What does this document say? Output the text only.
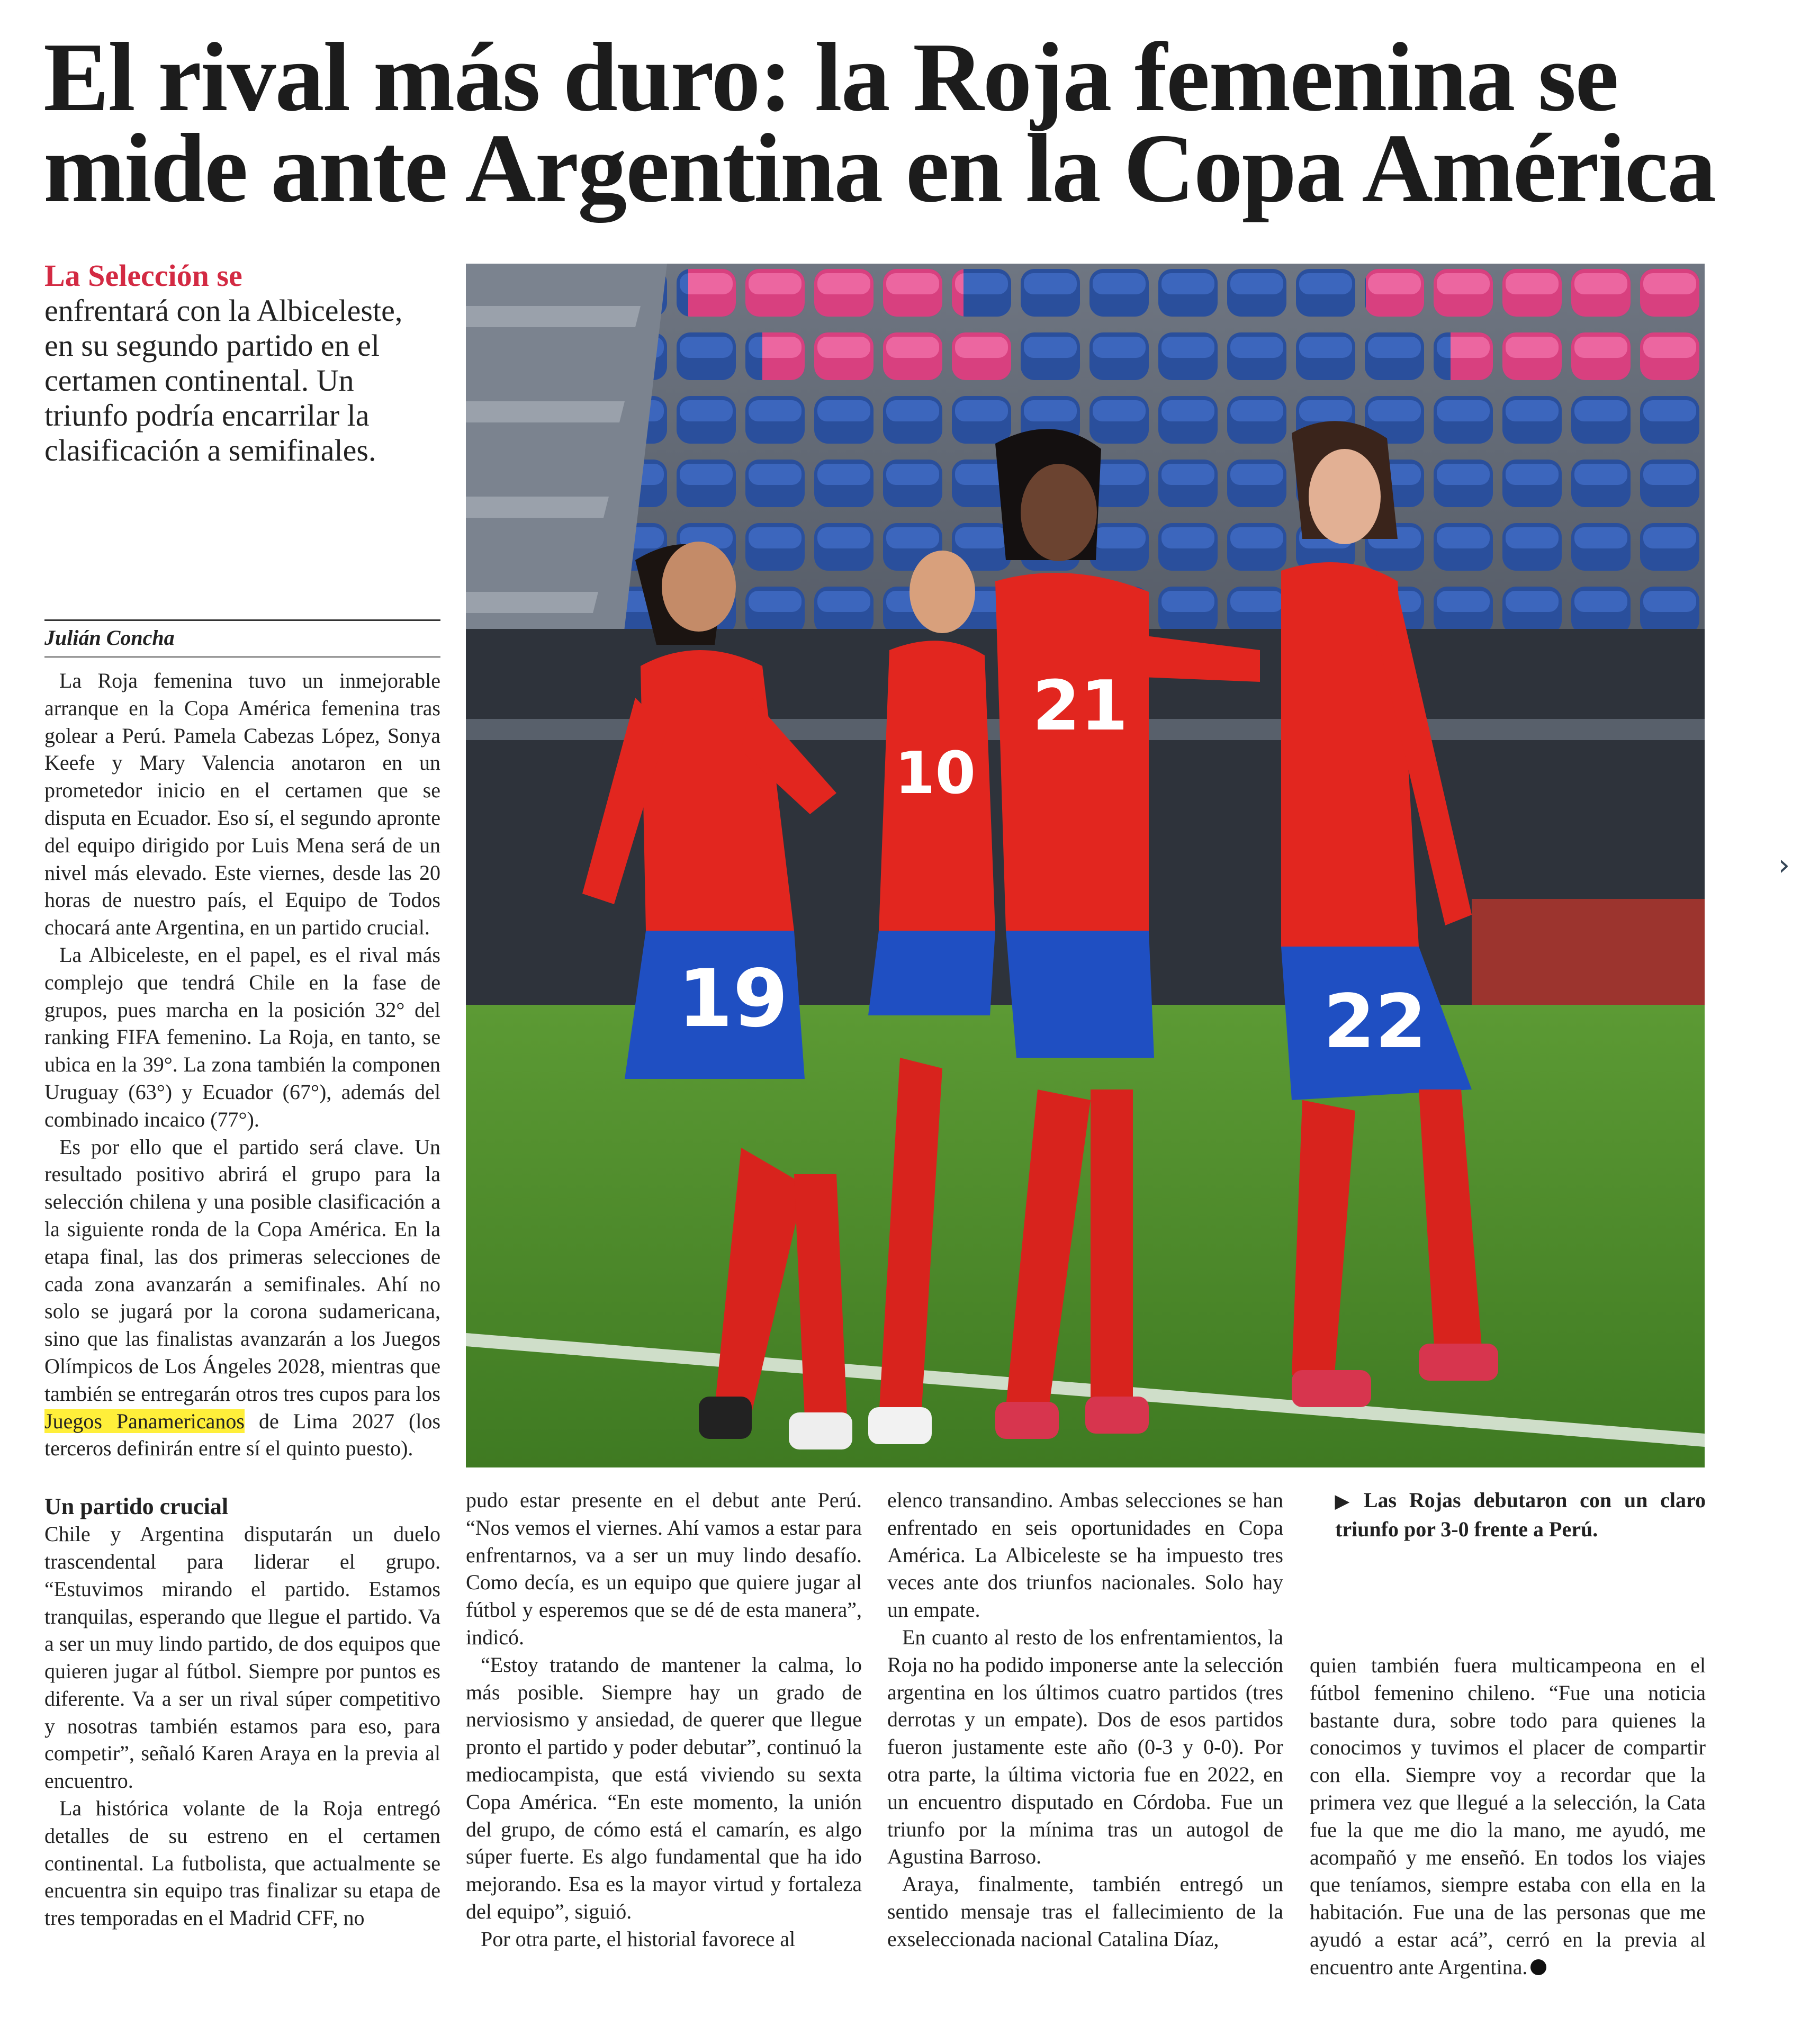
El rival más duro: la Roja femenina se mide ante Argentina en la Copa América
La Selección se
enfrentará con la Albiceleste, en su segundo partido en el certamen continental. Un triunfo podría encarrilar la clasificación a semifinales.
Julián Concha

La Roja femenina tuvo un inmejorable arranque en la Copa América femenina tras golear a Perú. Pamela Cabezas López, Sonya Keefe y Mary Valencia anotaron en un prometedor inicio en el certamen que se disputa en Ecuador. Eso sí, el segundo apronte del equipo dirigido por Luis Mena será de un nivel más elevado. Este viernes, desde las 20 horas de nuestro país, el Equipo de Todos chocará ante Argentina, en un partido crucial.

La Albiceleste, en el papel, es el rival más complejo que tendrá Chile en la fase de grupos, pues marcha en la posición 32° del ranking FIFA femenino. La Roja, en tanto, se ubica en la 39°. La zona también la componen Uruguay (63°) y Ecuador (67°), además del combinado incaico (77°).

Es por ello que el partido será clave. Un resultado positivo abrirá el grupo para la selección chilena y una posible clasificación a la siguiente ronda de la Copa América. En la etapa final, las dos primeras selecciones de cada zona avanzarán a semifinales. Ahí no solo se jugará por la corona sudamericana, sino que las finalistas avanzarán a los Juegos Olímpicos de Los Ángeles 2028, mientras que también se entregarán otros tres cupos para los Juegos Panamericanos de Lima 2027 (los terceros definirán entre sí el quinto puesto).

Un partido crucial

Chile y Argentina disputarán un duelo trascendental para liderar el grupo. “Estuvimos mirando el partido. Estamos tranquilas, esperando que llegue el partido. Va a ser un muy lindo partido, de dos equipos que quieren jugar al fútbol. Siempre por puntos es diferente. Va a ser un rival súper competitivo y nosotras también estamos para eso, para competir”, señaló Karen Araya en la previa al encuentro.

La histórica volante de la Roja entregó detalles de su estreno en el certamen continental. La futbolista, que actualmente se encuentra sin equipo tras finalizar su etapa de tres temporadas en el Madrid CFF, no

pudo estar presente en el debut ante Perú. “Nos vemos el viernes. Ahí vamos a estar para enfrentarnos, va a ser un muy lindo desafío. Como decía, es un equipo que quiere jugar al fútbol y esperemos que se dé de esta manera”, indicó.

“Estoy tratando de mantener la calma, lo más posible. Siempre hay un grado de nerviosismo y ansiedad, de querer que llegue pronto el partido y poder debutar”, continuó la mediocampista, que está viviendo su sexta Copa América. “En este momento, la unión del grupo, de cómo está el camarín, es algo súper fuerte. Es algo fundamental que ha ido mejorando. Esa es la mayor virtud y fortaleza del equipo”, siguió.

Por otra parte, el historial favorece al

elenco transandino. Ambas selecciones se han enfrentado en seis oportunidades en Copa América. La Albiceleste se ha impuesto tres veces ante dos triunfos nacionales. Solo hay un empate.

En cuanto al resto de los enfrentamientos, la Roja no ha podido imponerse ante la selección argentina en los últimos cuatro partidos (tres derrotas y un empate). Dos de esos partidos fueron justamente este año (0-3 y 0-0). Por otra parte, la última victoria fue en 2022, en un encuentro disputado en Córdoba. Fue un triunfo por la mínima tras un autogol de Agustina Barroso.

Araya, finalmente, también entregó un sentido mensaje tras el fallecimiento de la exseleccionada nacional Catalina Díaz,

quien también fuera multicampeona en el fútbol femenino chileno. “Fue una noticia bastante dura, sobre todo para quienes la conocimos y tuvimos el placer de compartir con ella. Siempre voy a recordar que la primera vez que llegué a la selección, la Cata fue la que me dio la mano, me ayudó, me acompañó y me enseñó. En todos los viajes que teníamos, siempre estaba con ella en la habitación. Fue una de las personas que me ayudó a estar acá”, cerró en la previa al encuentro ante Argentina.

▶ Las Rojas debutaron con un claro triunfo por 3-0 frente a Perú.
19
10
21
22
›
